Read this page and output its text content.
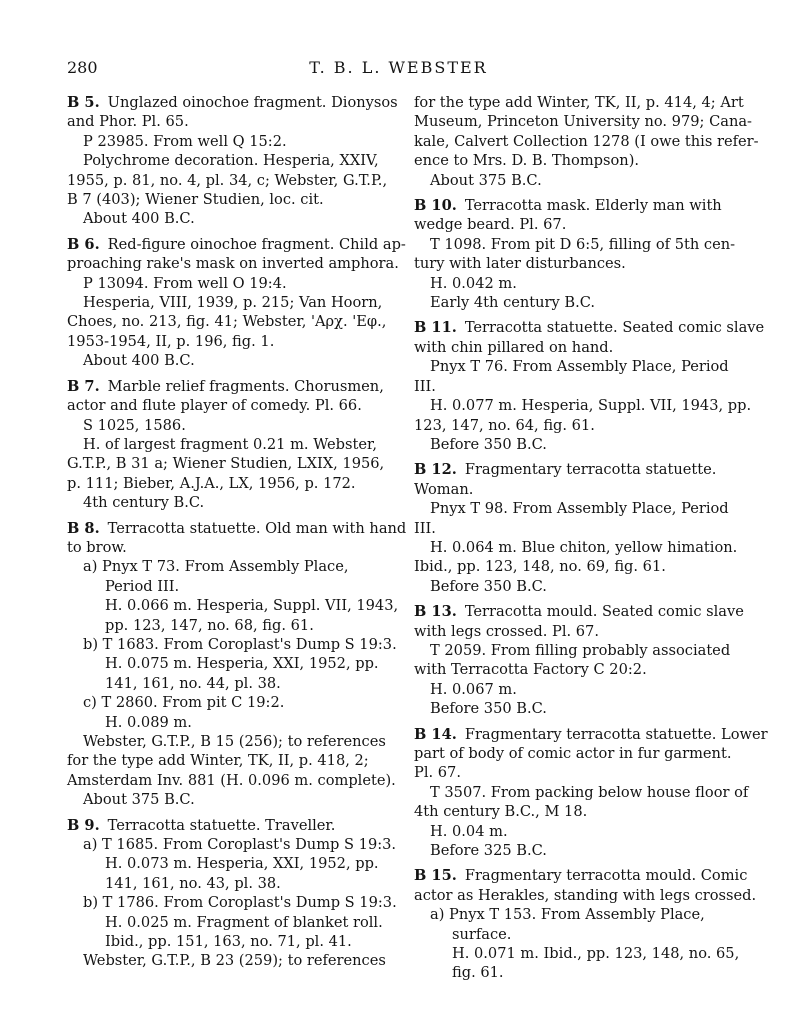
280	T. B. L. WEBSTER

B 5. Unglazed oinochoe fragment. Dionysos

and Phor. Pl. 65.

P 23985. From well Q 15:2.

Polychrome decoration. Hesperia, XXIV,

1955, p. 81, no. 4, pl. 34, c; Webster, G.T.P.,

B 7 (403); Wiener Studien, loc. cit.

About 400 B.C.

B 6. Red-figure oinochoe fragment. Child ap-

proaching rake's mask on inverted amphora.

P 13094. From well O 19:4.

Hesperia, VIII, 1939, p. 215; Van Hoorn,

Choes, no. 213, fig. 41; Webster, 'Αρχ. 'Εφ.,

1953-1954, II, p. 196, fig. 1.

About 400 B.C.

B 7. Marble relief fragments. Chorusmen,

actor and flute player of comedy. Pl. 66.

S 1025, 1586.

H. of largest fragment 0.21 m. Webster,

G.T.P., B 31 a; Wiener Studien, LXIX, 1956,

p. 111; Bieber, A.J.A., LX, 1956, p. 172.

4th century B.C.

B 8. Terracotta statuette. Old man with hand

to brow.

a) Pnyx T 73. From Assembly Place,

Period III.

H. 0.066 m. Hesperia, Suppl. VII, 1943,

pp. 123, 147, no. 68, fig. 61.

b) T 1683. From Coroplast's Dump S 19:3.

H. 0.075 m. Hesperia, XXI, 1952, pp.

141, 161, no. 44, pl. 38.

c) T 2860. From pit C 19:2.

H. 0.089 m.

Webster, G.T.P., B 15 (256); to references

for the type add Winter, TK, II, p. 418, 2;

Amsterdam Inv. 881 (H. 0.096 m. complete).

About 375 B.C.

B 9. Terracotta statuette. Traveller.

a) T 1685. From Coroplast's Dump S 19:3.

H. 0.073 m. Hesperia, XXI, 1952, pp.

141, 161, no. 43, pl. 38.

b) T 1786. From Coroplast's Dump S 19:3.

H. 0.025 m. Fragment of blanket roll.

Ibid., pp. 151, 163, no. 71, pl. 41.

Webster, G.T.P., B 23 (259); to references

for the type add Winter, TK, II, p. 414, 4; Art

Museum, Princeton University no. 979; Cana-

kale, Calvert Collection 1278 (I owe this refer-

ence to Mrs. D. B. Thompson).

About 375 B.C.

B 10. Terracotta mask. Elderly man with

wedge beard. Pl. 67.

T 1098. From pit D 6:5, filling of 5th cen-

tury with later disturbances.

H. 0.042 m.

Early 4th century B.C.

B 11. Terracotta statuette. Seated comic slave

with chin pillared on hand.

Pnyx T 76. From Assembly Place, Period

III.

H. 0.077 m. Hesperia, Suppl. VII, 1943, pp.

123, 147, no. 64, fig. 61.

Before 350 B.C.

B 12. Fragmentary terracotta statuette.

Woman.

Pnyx T 98. From Assembly Place, Period

III.

H. 0.064 m. Blue chiton, yellow himation.

Ibid., pp. 123, 148, no. 69, fig. 61.

Before 350 B.C.

B 13. Terracotta mould. Seated comic slave

with legs crossed. Pl. 67.

T 2059. From filling probably associated

with Terracotta Factory C 20:2.

H. 0.067 m.

Before 350 B.C.

B 14. Fragmentary terracotta statuette. Lower

part of body of comic actor in fur garment.

Pl. 67.

T 3507. From packing below house floor of

4th century B.C., M 18.

H. 0.04 m.

Before 325 B.C.

B 15. Fragmentary terracotta mould. Comic

actor as Herakles, standing with legs crossed.

a) Pnyx T 153. From Assembly Place,

surface.

H. 0.071 m. Ibid., pp. 123, 148, no. 65,

fig. 61.
